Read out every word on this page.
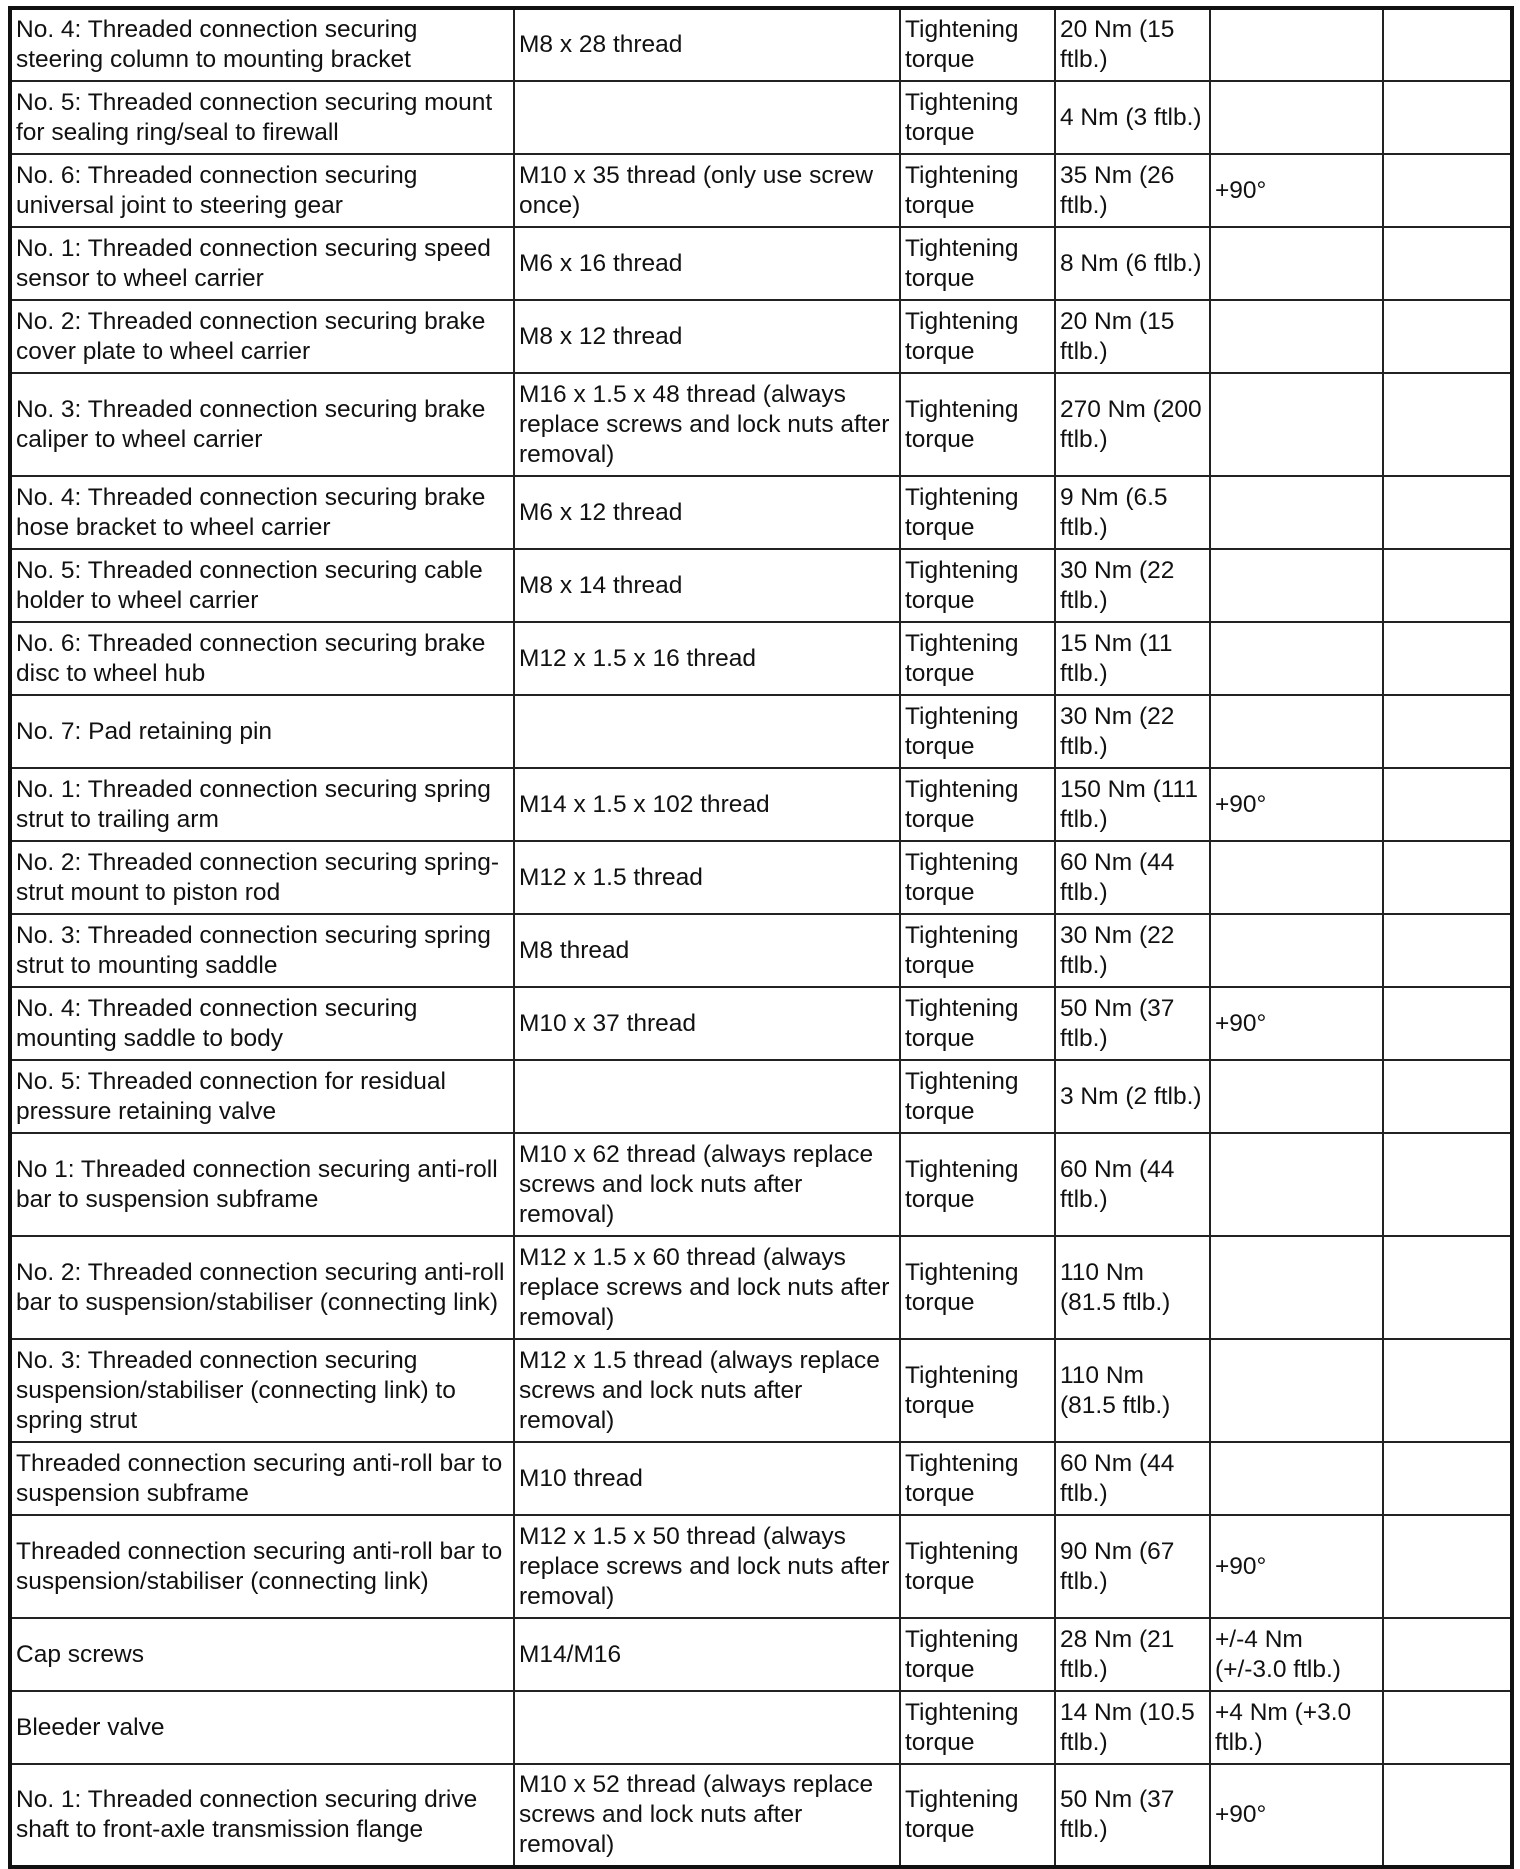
No. 4: Threaded connection securing steering column to mounting bracket	M8 x 28 thread	Tightening torque	20 Nm (15 ftlb.)		
No. 5: Threaded connection securing mount for sealing ring/seal to firewall		Tightening torque	4 Nm (3 ftlb.)		
No. 6: Threaded connection securing universal joint to steering gear	M10 x 35 thread (only use screw once)	Tightening torque	35 Nm (26 ftlb.)	+90°	
No. 1: Threaded connection securing speed sensor to wheel carrier	M6 x 16 thread	Tightening torque	8 Nm (6 ftlb.)		
No. 2: Threaded connection securing brake cover plate to wheel carrier	M8 x 12 thread	Tightening torque	20 Nm (15 ftlb.)		
No. 3: Threaded connection securing brake caliper to wheel carrier	M16 x 1.5 x 48 thread (always replace screws and lock nuts after removal)	Tightening torque	270 Nm (200 ftlb.)		
No. 4: Threaded connection securing brake hose bracket to wheel carrier	M6 x 12 thread	Tightening torque	9 Nm (6.5 ftlb.)		
No. 5: Threaded connection securing cable holder to wheel carrier	M8 x 14 thread	Tightening torque	30 Nm (22 ftlb.)		
No. 6: Threaded connection securing brake disc to wheel hub	M12 x 1.5 x 16 thread	Tightening torque	15 Nm (11 ftlb.)		
No. 7: Pad retaining pin		Tightening torque	30 Nm (22 ftlb.)		
No. 1: Threaded connection securing spring strut to trailing arm	M14 x 1.5 x 102 thread	Tightening torque	150 Nm (111 ftlb.)	+90°	
No. 2: Threaded connection securing spring-strut mount to piston rod	M12 x 1.5 thread	Tightening torque	60 Nm (44 ftlb.)		
No. 3: Threaded connection securing spring strut to mounting saddle	M8 thread	Tightening torque	30 Nm (22 ftlb.)		
No. 4: Threaded connection securing mounting saddle to body	M10 x 37 thread	Tightening torque	50 Nm (37 ftlb.)	+90°	
No. 5: Threaded connection for residual pressure retaining valve		Tightening torque	3 Nm (2 ftlb.)		
No 1: Threaded connection securing anti-roll bar to suspension subframe	M10 x 62 thread (always replace screws and lock nuts after removal)	Tightening torque	60 Nm (44 ftlb.)		
No. 2: Threaded connection securing anti-roll bar to suspension/stabiliser (connecting link)	M12 x 1.5 x 60 thread (always replace screws and lock nuts after removal)	Tightening torque	110 Nm (81.5 ftlb.)		
No. 3: Threaded connection securing suspension/stabiliser (connecting link) to spring strut	M12 x 1.5 thread (always replace screws and lock nuts after removal)	Tightening torque	110 Nm (81.5 ftlb.)		
Threaded connection securing anti-roll bar to suspension subframe	M10 thread	Tightening torque	60 Nm (44 ftlb.)		
Threaded connection securing anti-roll bar to suspension/stabiliser (connecting link)	M12 x 1.5 x 50 thread (always replace screws and lock nuts after removal)	Tightening torque	90 Nm (67 ftlb.)	+90°	
Cap screws	M14/M16	Tightening torque	28 Nm (21 ftlb.)	+/-4 Nm (+/-3.0 ftlb.)	
Bleeder valve		Tightening torque	14 Nm (10.5 ftlb.)	+4 Nm (+3.0 ftlb.)	
No. 1: Threaded connection securing drive shaft to front-axle transmission flange	M10 x 52 thread (always replace screws and lock nuts after removal)	Tightening torque	50 Nm (37 ftlb.)	+90°	
